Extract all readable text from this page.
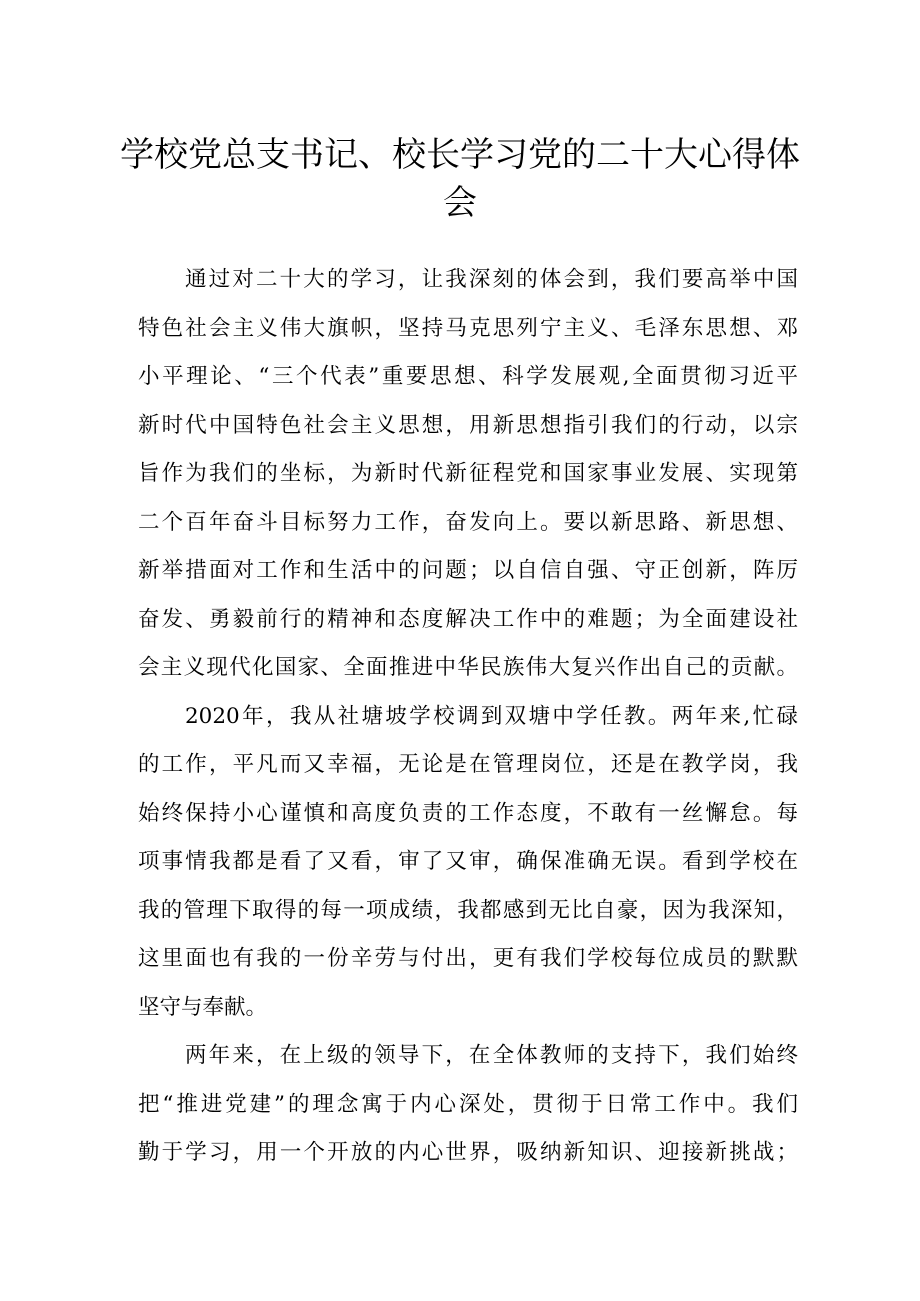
学校党总支书记、校长学习党的二十大心得体
会
通过对二十大的学习，让我深刻的体会到，我们要高举中国
特色社会主义伟大旗帜，坚持马克思列宁主义、毛泽东思想、邓
小平理论、“三个代表”重要思想、科学发展观,全面贯彻习近平
新时代中国特色社会主义思想，用新思想指引我们的行动，以宗
旨作为我们的坐标，为新时代新征程党和国家事业发展、实现第
二个百年奋斗目标努力工作，奋发向上。要以新思路、新思想、
新举措面对工作和生活中的问题；以自信自强、守正创新，阵厉
奋发、勇毅前行的精神和态度解决工作中的难题；为全面建设社
会主义现代化国家、全面推进中华民族伟大复兴作出自己的贡献。
2020年，我从社塘坡学校调到双塘中学任教。两年来,忙碌
的工作，平凡而又幸福，无论是在管理岗位，还是在教学岗，我
始终保持小心谨慎和高度负责的工作态度，不敢有一丝懈怠。每
项事情我都是看了又看，审了又审，确保准确无误。看到学校在
我的管理下取得的每一项成绩，我都感到无比自豪，因为我深知，
这里面也有我的一份辛劳与付出，更有我们学校每位成员的默默
坚守与奉献。
两年来，在上级的领导下，在全体教师的支持下，我们始终
把“推进党建”的理念寓于内心深处，贯彻于日常工作中。我们
勤于学习，用一个开放的内心世界，吸纳新知识、迎接新挑战；
